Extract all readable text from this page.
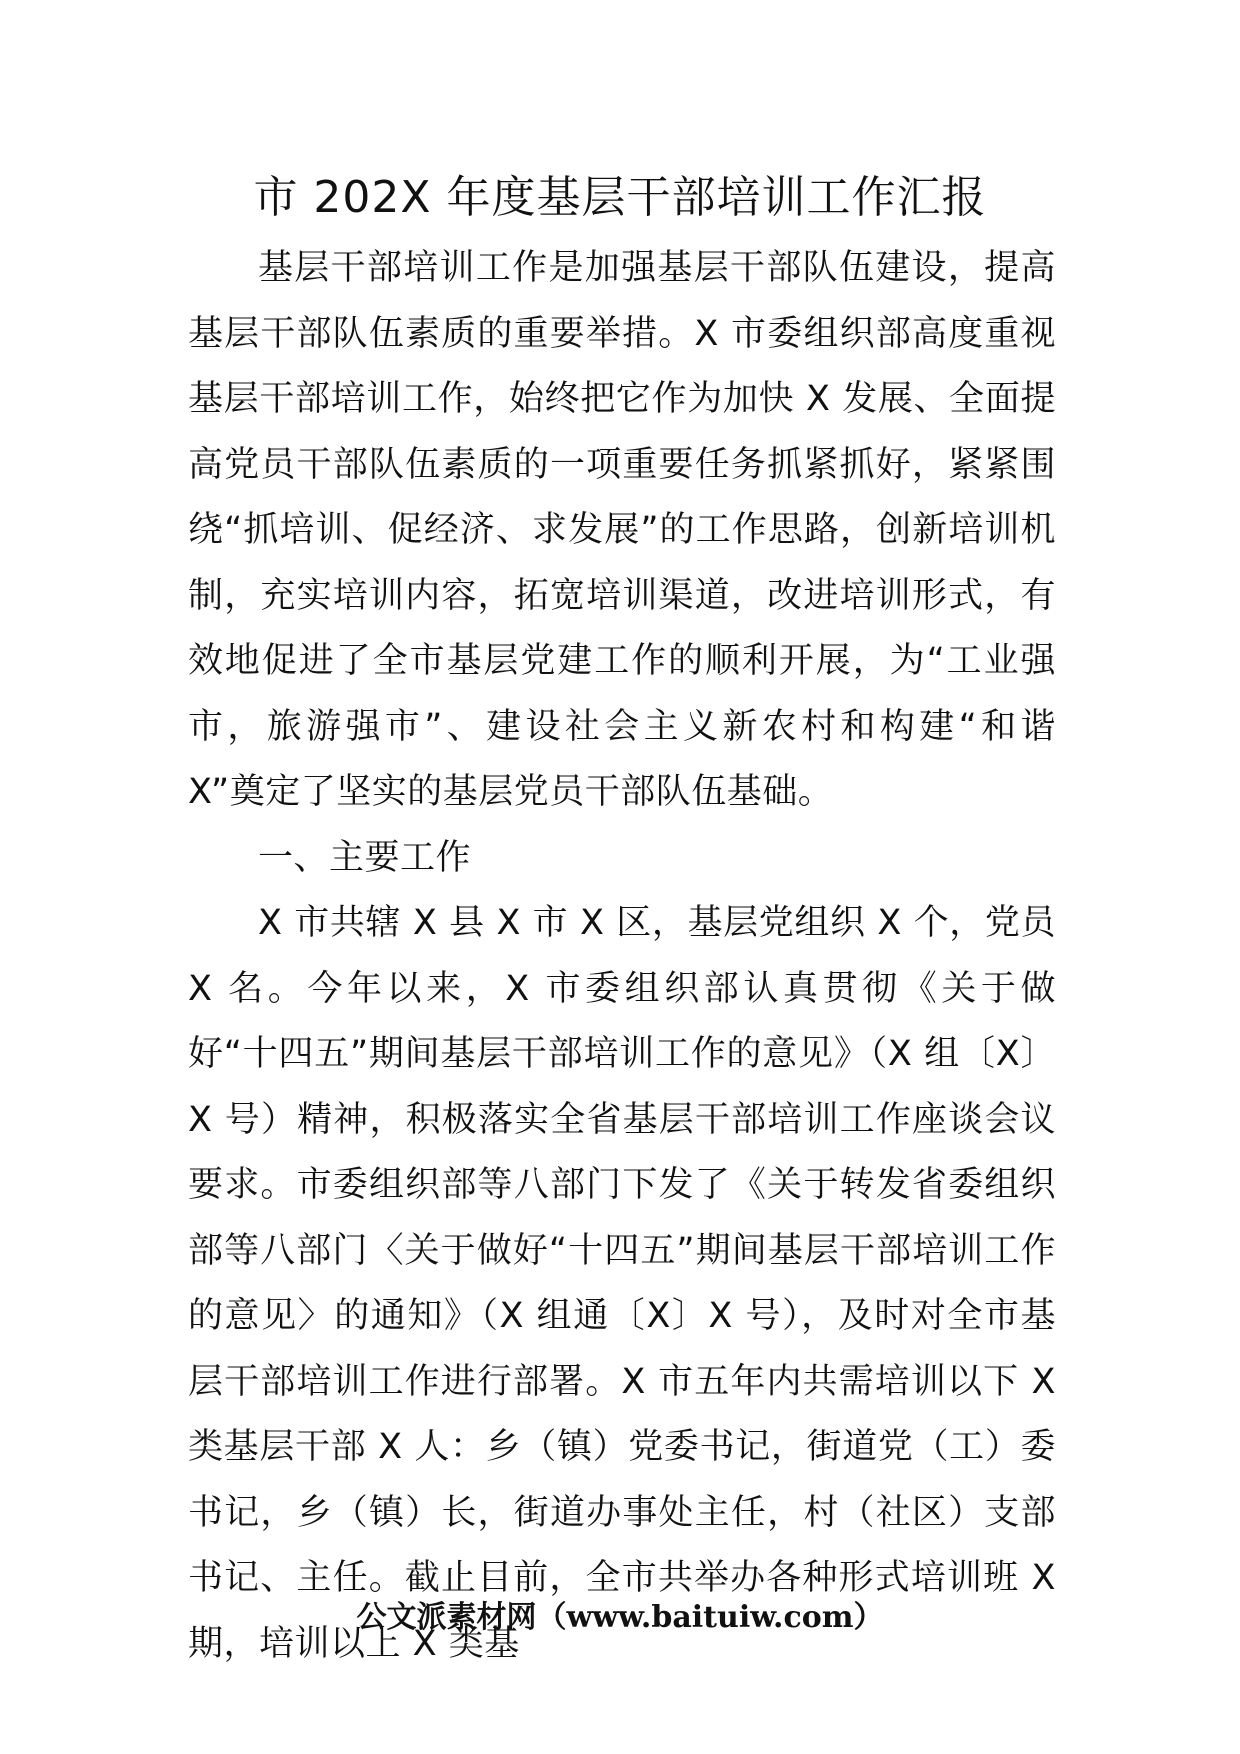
市 202X 年度基层干部培训工作汇报

基层干部培训工作是加强基层干部队伍建设，提高基层干部队伍素质的重要举措。X 市委组织部高度重视基层干部培训工作，始终把它作为加快 X 发展、全面提高党员干部队伍素质的一项重要任务抓紧抓好，紧紧围绕“抓培训、促经济、求发展”的工作思路，创新培训机制，充实培训内容，拓宽培训渠道，改进培训形式，有效地促进了全市基层党建工作的顺利开展，为“工业强市，旅游强市”、建设社会主义新农村和构建“和谐 X”奠定了坚实的基层党员干部队伍基础。

一、主要工作

X 市共辖 X 县 X 市 X 区，基层党组织 X 个，党员 X 名。今年以来，X 市委组织部认真贯彻《关于做好“十四五”期间基层干部培训工作的意见》（X 组〔X〕X 号）精神，积极落实全省基层干部培训工作座谈会议要求。市委组织部等八部门下发了《关于转发省委组织部等八部门〈关于做好“十四五”期间基层干部培训工作的意见〉的通知》（X 组通〔X〕X 号），及时对全市基层干部培训工作进行部署。X 市五年内共需培训以下 X 类基层干部 X 人：乡（镇）党委书记，街道党（工）委书记，乡（镇）长，街道办事处主任，村（社区）支部书记、主任。截止目前，全市共举办各种形式培训班 X 期，培训以上 X 类基

公文派素材网（www.baituiw.com）
